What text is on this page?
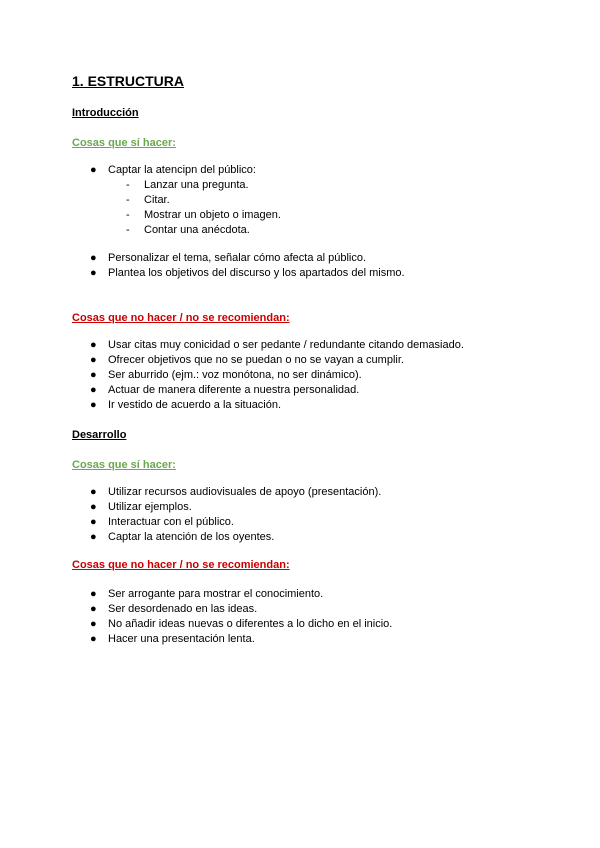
1. ESTRUCTURA
Introducción
Cosas que sí hacer:
●	Captar la atencipn del público:
- Lanzar una pregunta.
- Citar.
- Mostrar un objeto o imagen.
- Contar una anécdota.
●	Personalizar el tema, señalar cómo afecta al público.
●	Plantea los objetivos del discurso y los apartados del mismo.
Cosas que no hacer / no se recomiendan:
●	Usar citas muy conicidad o ser pedante / redundante citando demasiado.
●	Ofrecer objetivos que no se puedan o no se vayan a cumplir.
●	Ser aburrido (ejm.: voz monótona, no ser dinámico).
●	Actuar de manera diferente a nuestra personalidad.
●	Ir vestido de acuerdo a la situación.
Desarrollo
Cosas que sí hacer:
●	Utilizar recursos audiovisuales de apoyo (presentación).
●	Utilizar ejemplos.
●	Interactuar con el público.
●	Captar la atención de los oyentes.
Cosas que no hacer / no se recomiendan:
●	Ser arrogante para mostrar el conocimiento.
●	Ser desordenado en las ideas.
●	No añadir ideas nuevas o diferentes a lo dicho en el inicio.
●	Hacer una presentación lenta.
